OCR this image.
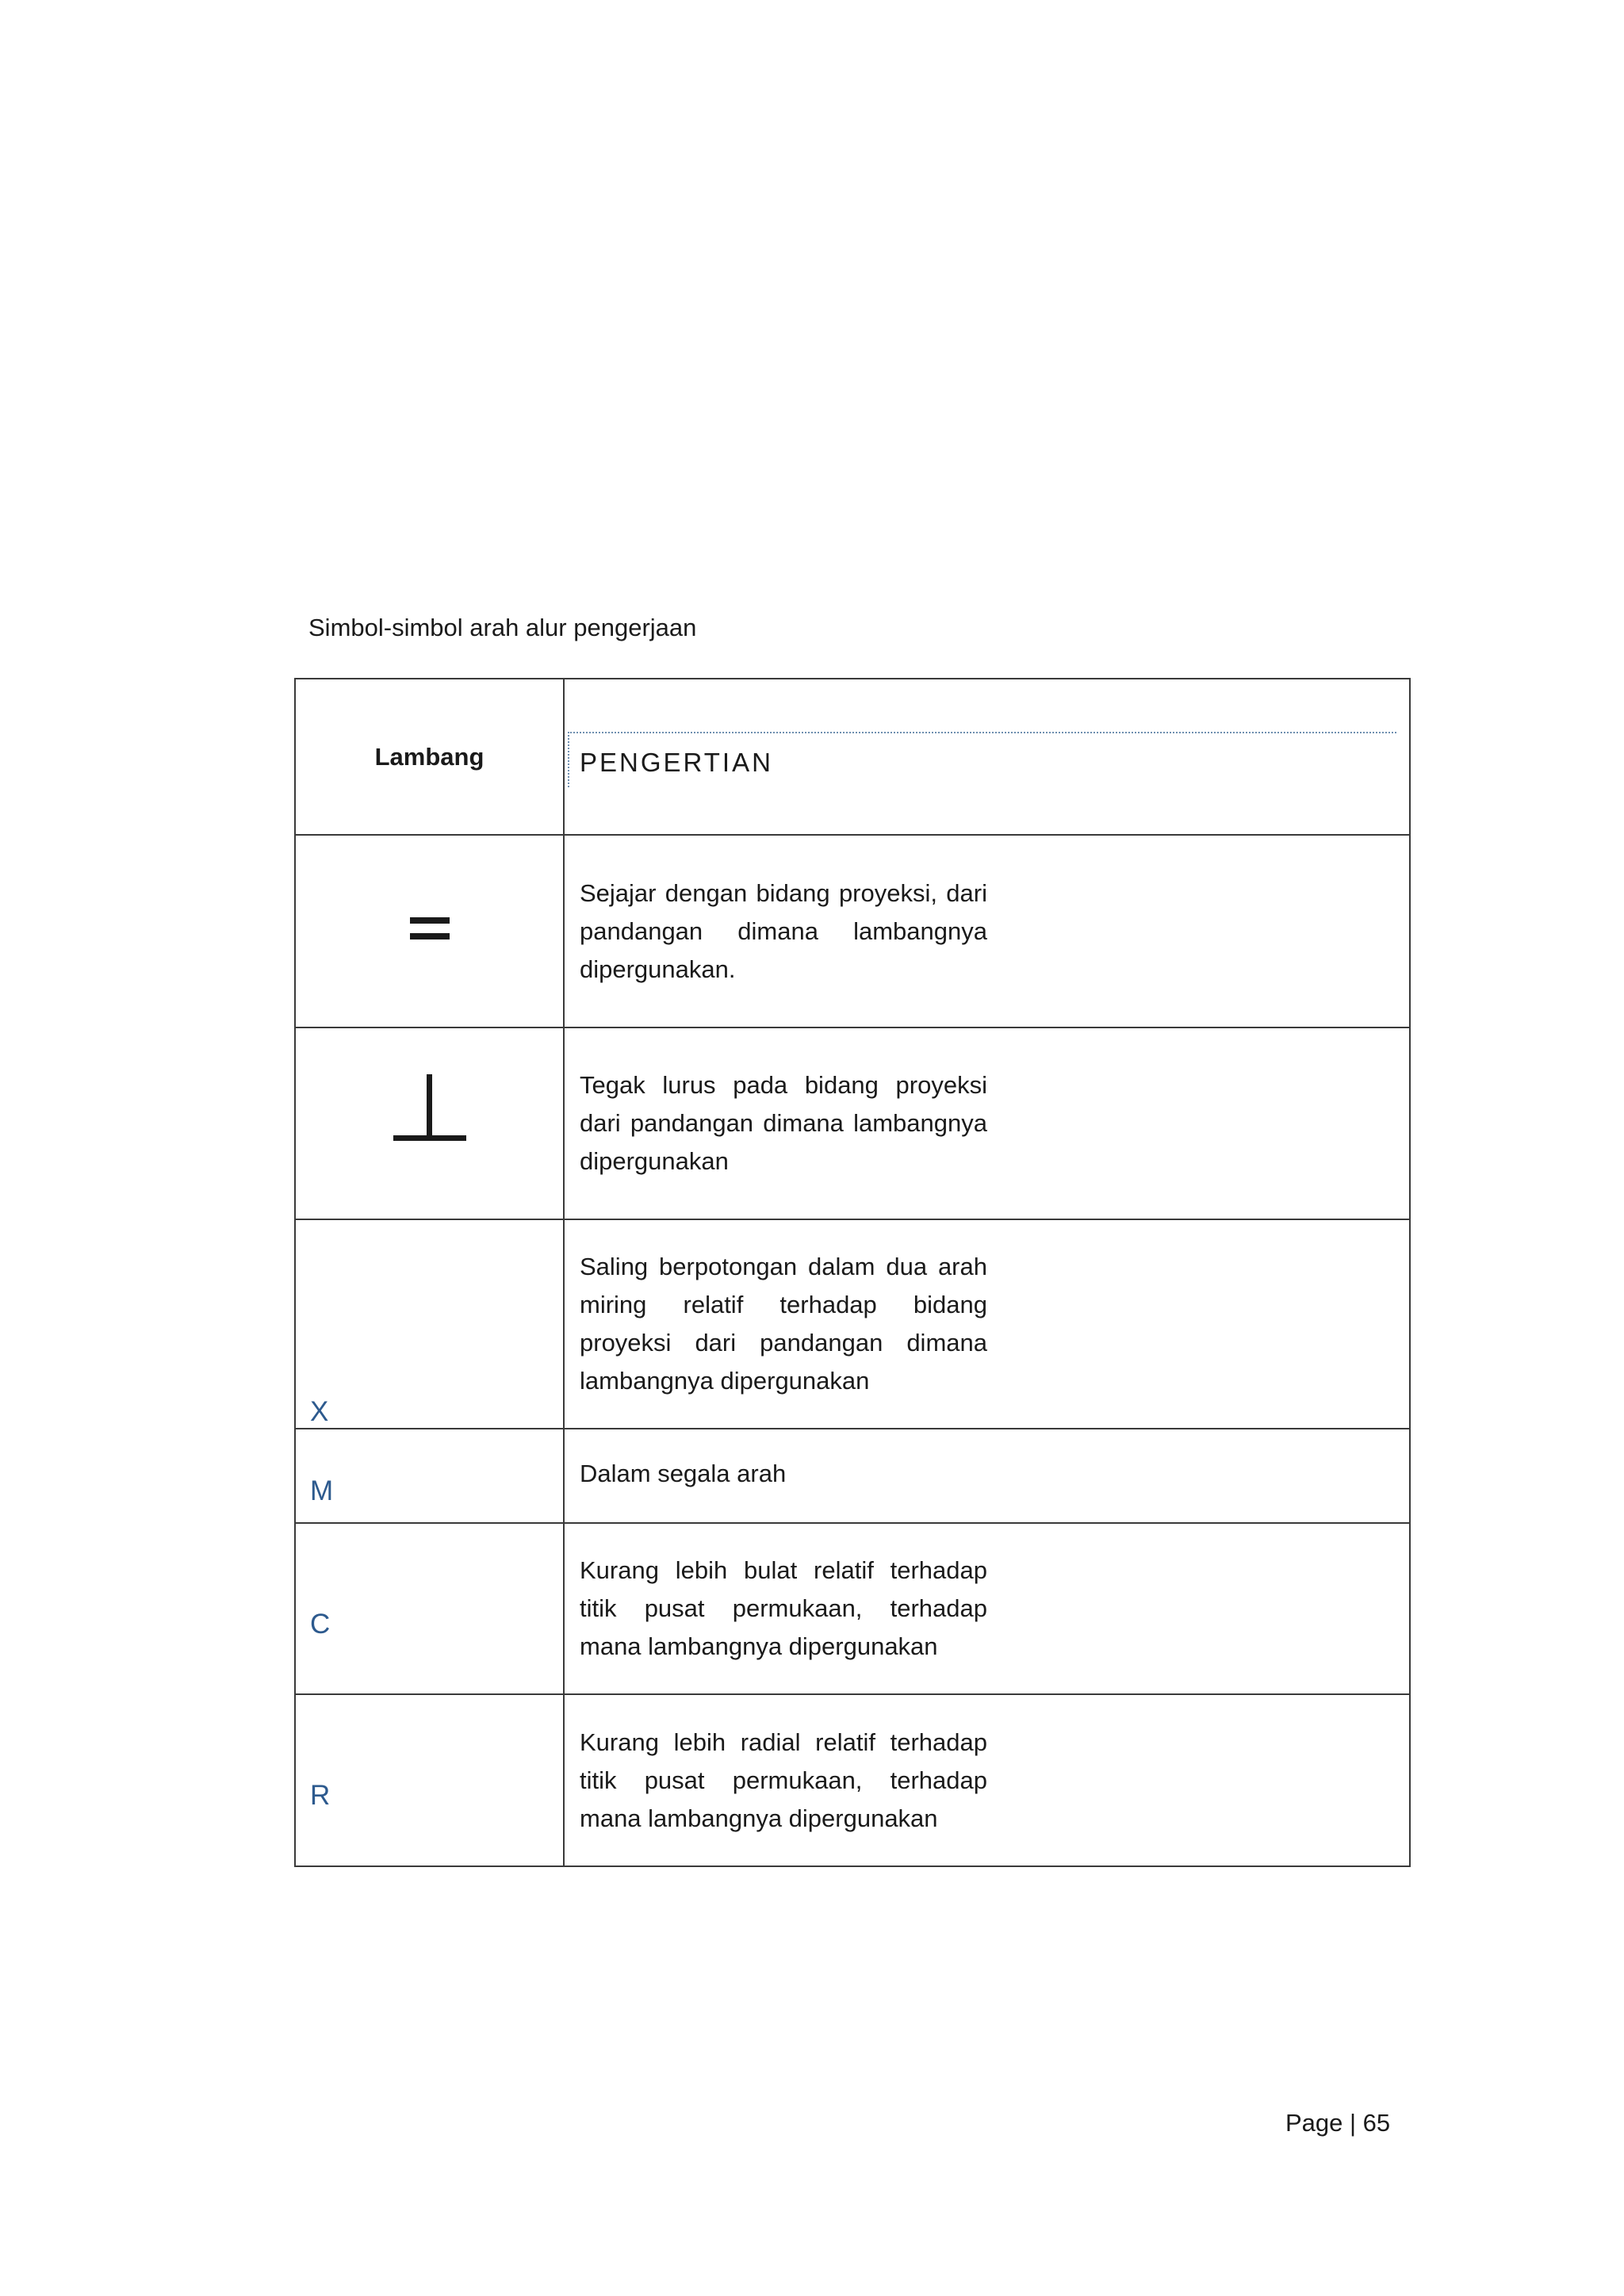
Simbol-simbol arah alur pengerjaan

Lambang	PENGERTIAN

	Sejajar dengan bidang proyeksi, dari pandangan dimana lambangnya dipergunakan.

	Tegak lurus pada bidang proyeksi dari pandangan dimana lambangnya dipergunakan

X	Saling berpotongan dalam dua arah miring relatif terhadap bidang proyeksi dari pandangan dimana lambangnya dipergunakan

M	Dalam segala arah

C	Kurang lebih bulat relatif terhadap titik pusat permukaan, terhadap mana lambangnya dipergunakan

R	Kurang lebih radial relatif terhadap titik pusat permukaan, terhadap mana lambangnya dipergunakan
Page | 65
